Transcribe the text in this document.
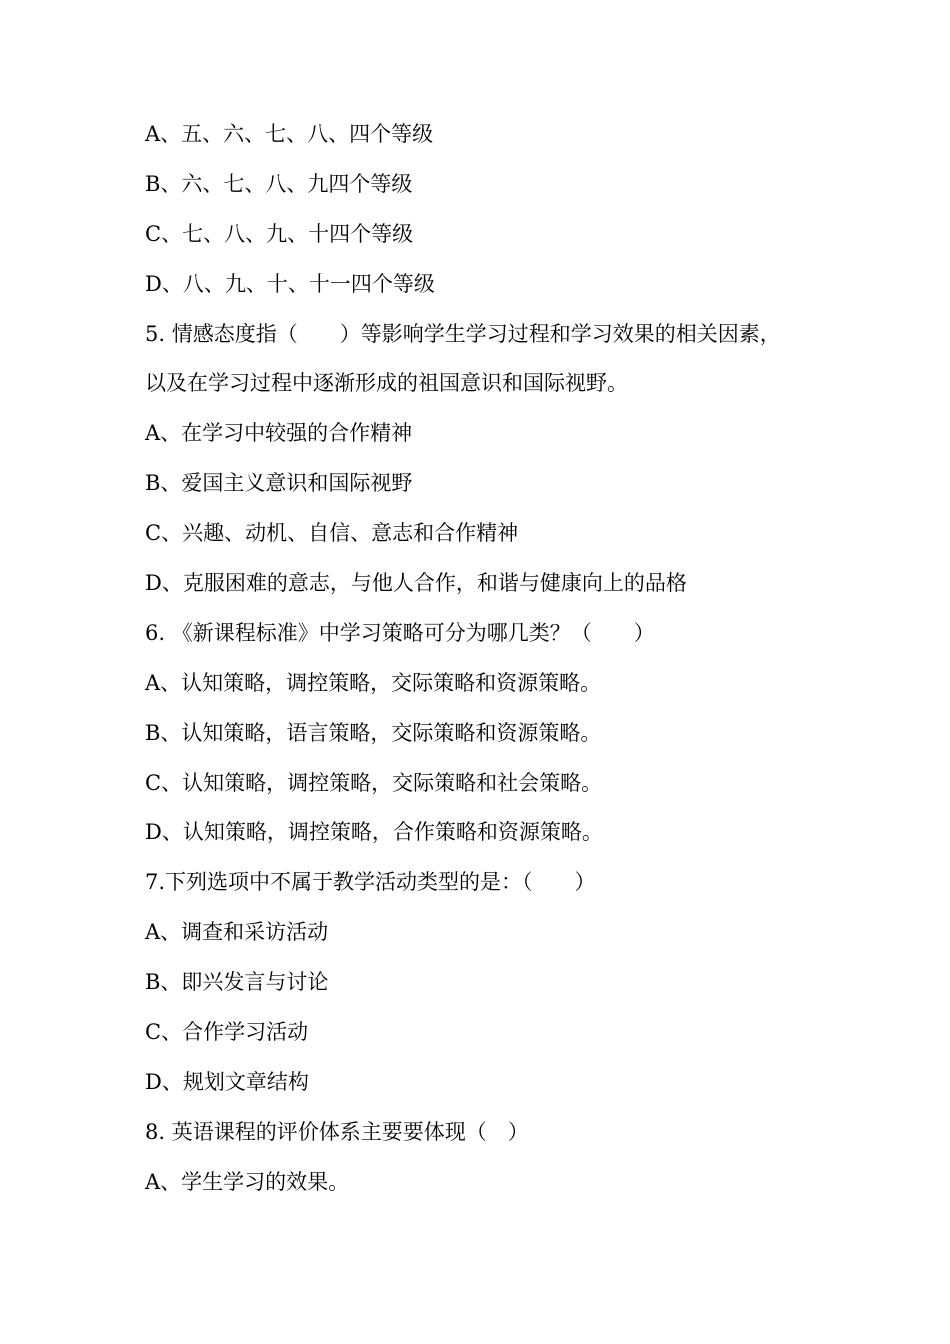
A、五、六、七、八、四个等级
B、六、七、八、九四个等级
C、七、八、九、十四个等级
D、八、九、十、十一四个等级
5. 情感态度指（　　）等影响学生学习过程和学习效果的相关因素，
以及在学习过程中逐渐形成的祖国意识和国际视野。
A、在学习中较强的合作精神
B、爱国主义意识和国际视野
C、兴趣、动机、自信、意志和合作精神
D、克服困难的意志，与他人合作，和谐与健康向上的品格
6. 《新课程标准》中学习策略可分为哪几类？（　　）
A、认知策略，调控策略，交际策略和资源策略。
B、认知策略，语言策略，交际策略和资源策略。
C、认知策略，调控策略，交际策略和社会策略。
D、认知策略，调控策略，合作策略和资源策略。
7.下列选项中不属于教学活动类型的是：（　　）
A、调查和采访活动
B、即兴发言与讨论
C、合作学习活动
D、规划文章结构
8. 英语课程的评价体系主要要体现（　）
A、学生学习的效果。
